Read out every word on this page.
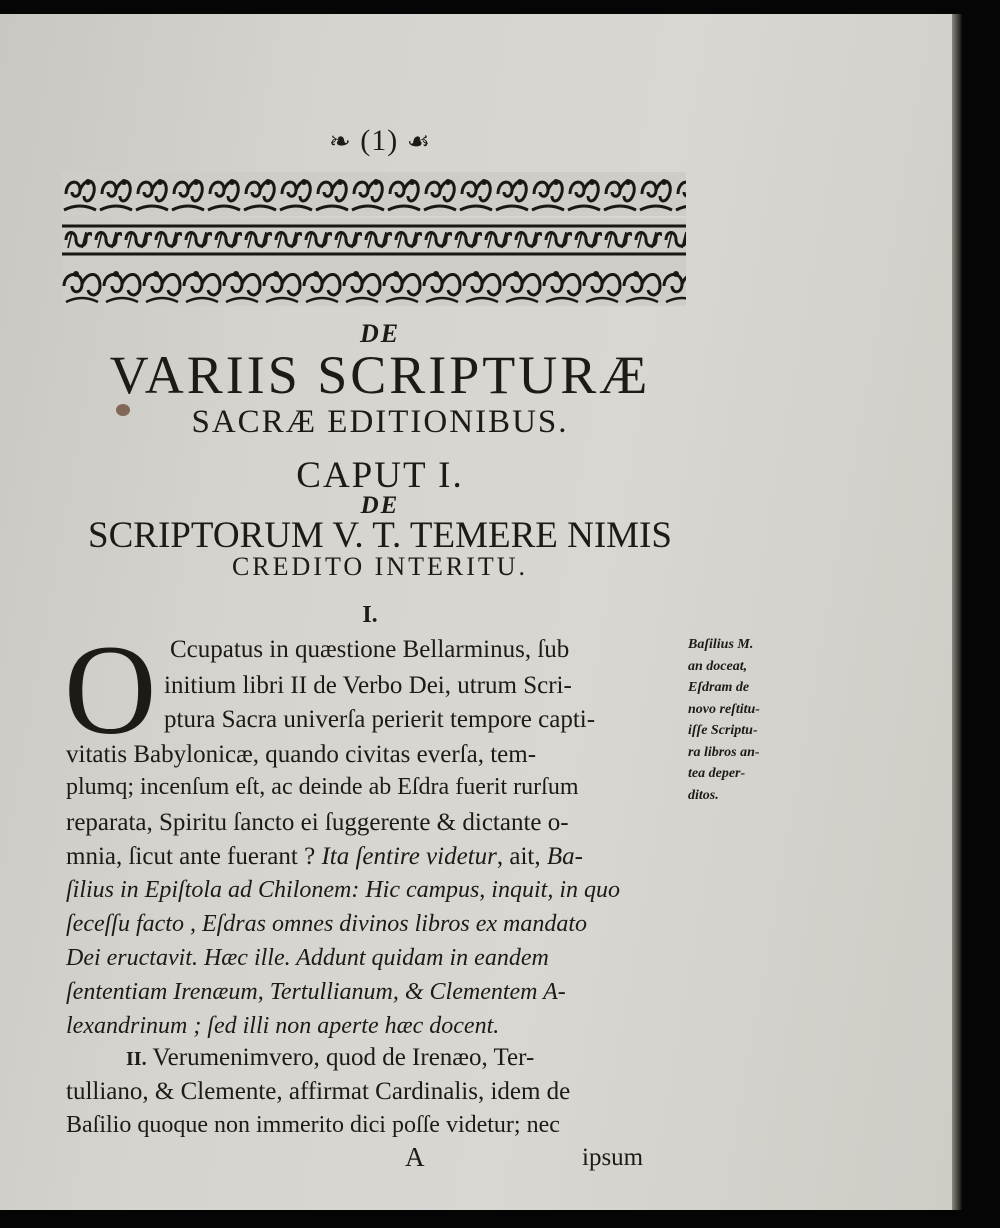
❧ (1) ☙
DE
VARIIS SCRIPTURÆ
SACRÆ EDITIONIBUS.
CAPUT I.
DE
SCRIPTORUM V. T. TEMERE NIMIS
CREDITO INTERITU.
I.
O Ccupatus in quæstione Bellarminus, ſub
initium libri II de Verbo Dei, utrum Scri-
ptura Sacra univerſa perierit tempore capti-
vitatis Babylonicæ, quando civitas everſa, tem-
plumq; incenſum eſt, ac deinde ab Eſdra fuerit rurſum
reparata, Spiritu ſancto ei ſuggerente & dictante o-
mnia, ſicut ante fuerant ? Ita ſentire videtur, ait, Ba-
ſilius in Epiſtola ad Chilonem: Hic campus, inquit, in quo
ſeceſſu facto , Eſdras omnes divinos libros ex mandato
Dei eructavit. Hæc ille. Addunt quidam in eandem
ſententiam Irenæum, Tertullianum, & Clementem A-
lexandrinum ; ſed illi non aperte hæc docent.
II. Verumenimvero, quod de Irenæo, Ter-
tulliano, & Clemente, affirmat Cardinalis, idem de
Baſilio quoque non immerito dici poſſe videtur; nec
Baſilius M.
an doceat,
Eſdram de
novo reſtitu-
iſſe Scriptu-
ra libros an-
tea deper-
ditos.
A	ipsum
